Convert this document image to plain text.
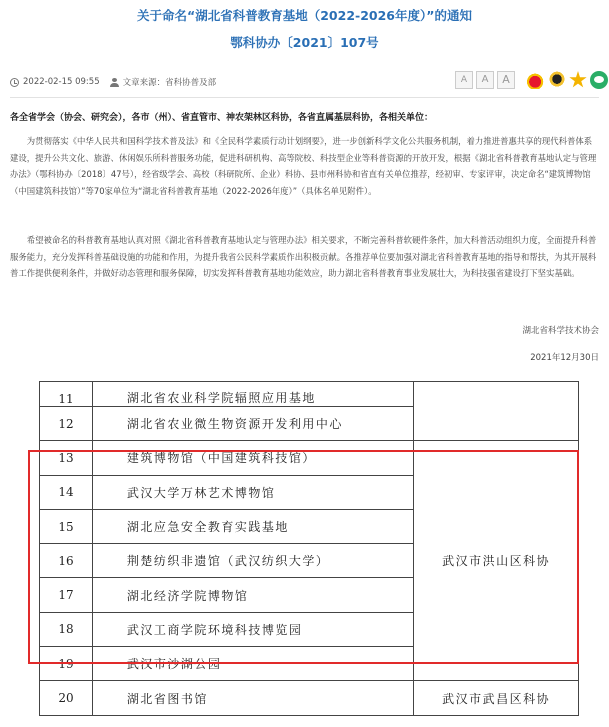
关于命名“湖北省科普教育基地（2022-2026年度）”的通知
鄂科协办〔2021〕107号
2022-02-15 09:55	文章来源：省科协普及部	A	A	A
各全省学会（协会、研究会），各市（州）、省直管市、神农架林区科协，各省直属基层科协，各相关单位：
为贯彻落实《中华人民共和国科学技术普及法》和《全民科学素质行动计划纲要》，进一步创新科学文化公共服务机制，着力推进普惠共享的现代科普体系建设，提升公共文化、旅游、休闲娱乐所科普服务功能，促进科研机构、高等院校、科技型企业等科普资源的开放开发，根据《湖北省科普教育基地认定与管理办法》（鄂科协办〔2018〕47号），经省级学会、高校（科研院所、企业）科协、县市州科协和省直有关单位推荐，经初审、专家评审，决定命名“建筑博物馆（中国建筑科技馆）”等70家单位为“湖北省科普教育基地（2022-2026年度）”（具体名单见附件）。
希望被命名的科普教育基地认真对照《湖北省科普教育基地认定与管理办法》相关要求，不断完善科普软硬件条件，加大科普活动组织力度，全面提升科普服务能力，充分发挥科普基础设施的功能和作用，为提升我省公民科学素质作出积极贡献。各推荐单位要加强对湖北省科普教育基地的指导和帮扶，为其开展科普工作提供便利条件，并做好动态管理和服务保障，切实发挥科普教育基地功能效应，助力湖北省科普教育事业发展壮大，为科技强省建设打下坚实基础。
湖北省科学技术协会
2021年12月30日
11	湖北省农业科学院辐照应用基地	
12	湖北省农业微生物资源开发利用中心	
13	建筑博物馆（中国建筑科技馆）	武汉市洪山区科协
14	武汉大学万林艺术博物馆	
15	湖北应急安全教育实践基地	
16	荆楚纺织非遗馆（武汉纺织大学）	
17	湖北经济学院博物馆	
18	武汉工商学院环境科技博览园	
19	武汉市沙湖公园	
20	湖北省图书馆	武汉市武昌区科协
